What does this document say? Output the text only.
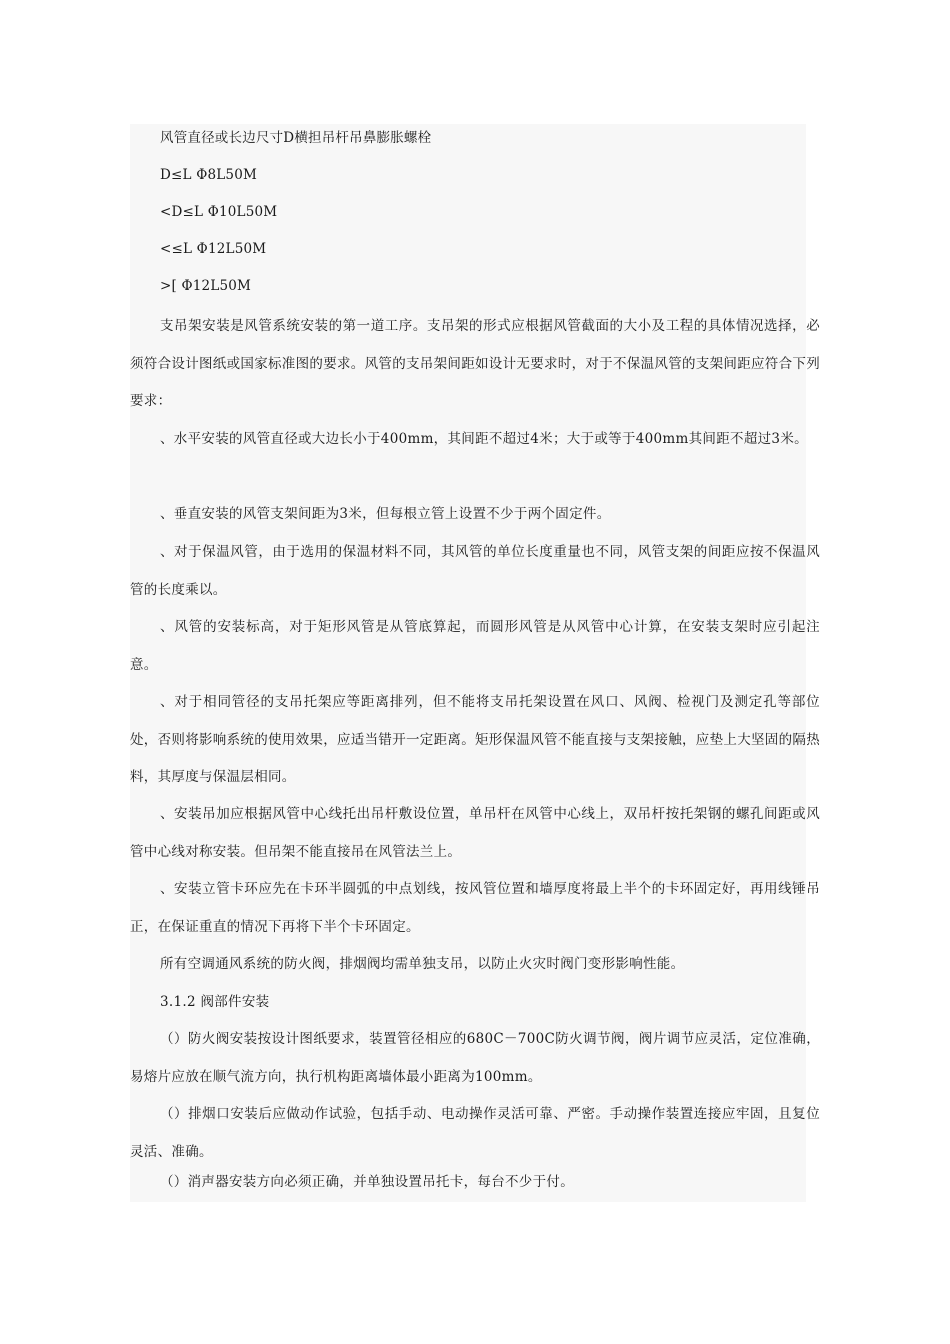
风管直径或长边尺寸D横担吊杆吊鼻膨胀螺栓
D≤L Φ8L50M
<D≤L Φ10L50M
<≤L Φ12L50M
>[ Φ12L50M
支吊架安装是风管系统安装的第一道工序。支吊架的形式应根据风管截面的大小及工程的具体情况选择，必须符合设计图纸或国家标准图的要求。风管的支吊架间距如设计无要求时，对于不保温风管的支架间距应符合下列要求：
、水平安装的风管直径或大边长小于400mm，其间距不超过4米；大于或等于400mm其间距不超过3米。
、垂直安装的风管支架间距为3米，但每根立管上设置不少于两个固定件。
、对于保温风管，由于选用的保温材料不同，其风管的单位长度重量也不同，风管支架的间距应按不保温风管的长度乘以。
、风管的安装标高，对于矩形风管是从管底算起，而圆形风管是从风管中心计算，在安装支架时应引起注意。
、对于相同管径的支吊托架应等距离排列，但不能将支吊托架设置在风口、风阀、检视门及测定孔等部位处，否则将影响系统的使用效果，应适当错开一定距离。矩形保温风管不能直接与支架接触，应垫上大坚固的隔热料，其厚度与保温层相同。
、安装吊加应根据风管中心线托出吊杆敷设位置，单吊杆在风管中心线上，双吊杆按托架钢的螺孔间距或风管中心线对称安装。但吊架不能直接吊在风管法兰上。
、安装立管卡环应先在卡环半圆弧的中点划线，按风管位置和墙厚度将最上半个的卡环固定好，再用线锤吊正，在保证重直的情况下再将下半个卡环固定。
所有空调通风系统的防火阀，排烟阀均需单独支吊，以防止火灾时阀门变形影响性能。
3.1.2 阀部件安装
（）防火阀安装按设计图纸要求，装置管径相应的680C－700C防火调节阀，阀片调节应灵活，定位准确，易熔片应放在顺气流方向，执行机构距离墙体最小距离为100mm。
（）排烟口安装后应做动作试验，包括手动、电动操作灵活可靠、严密。手动操作装置连接应牢固，且复位灵活、准确。
（）消声器安装方向必须正确，并单独设置吊托卡，每台不少于付。
